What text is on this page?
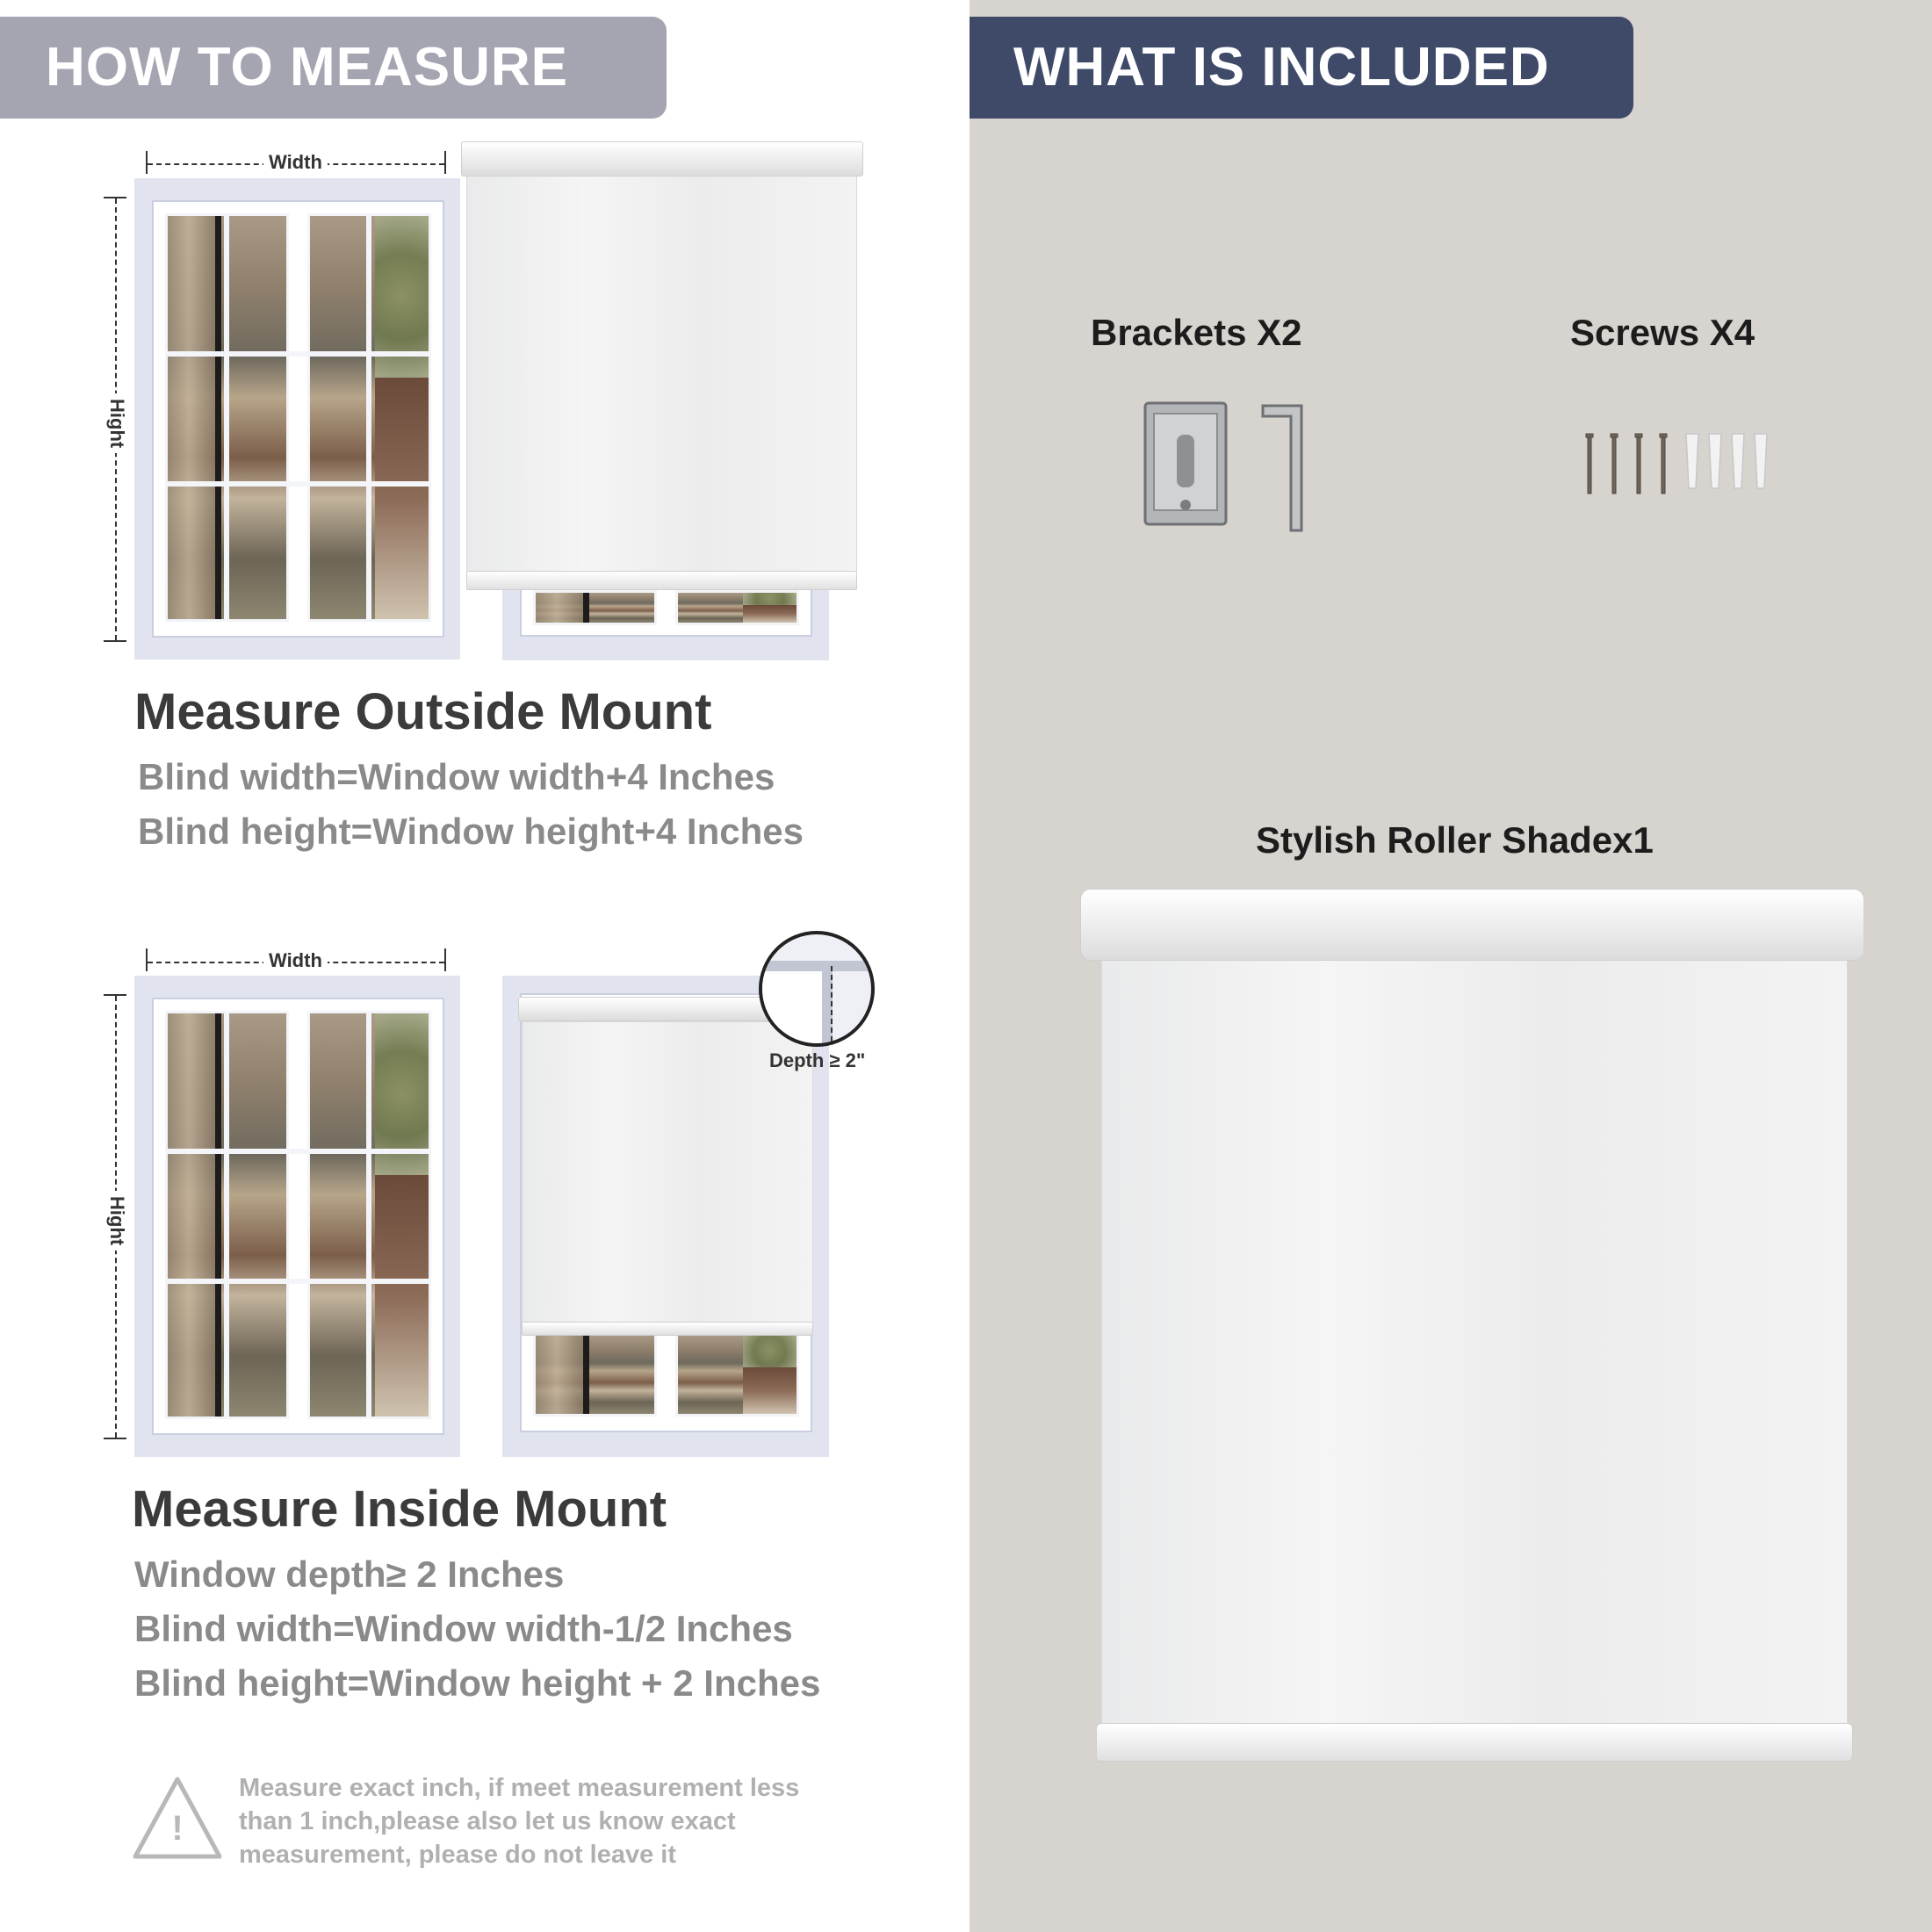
HOW TO MEASURE	WHAT IS INCLUDED
Width
Hight
Measure Outside Mount
Blind width=Window width+4 Inches
Blind height=Window height+4 Inches
Width
Hight
Depth ≥ 2"
Measure Inside Mount
Window depth≥ 2 Inches
Blind width=Window width-1/2 Inches
Blind height=Window height + 2 Inches
!
Measure exact inch, if meet measurement less than 1 inch,please also let us know exact measurement, please do not leave it
Brackets X2	Screws X4
Stylish Roller Shadex1
